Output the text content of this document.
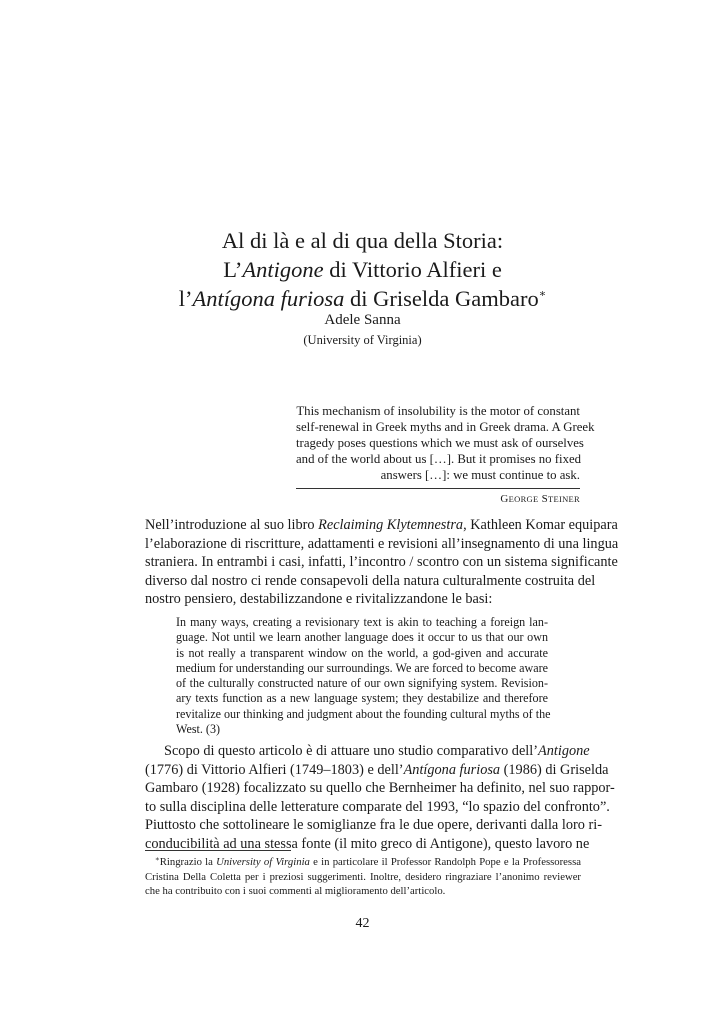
Al di là e al di qua della Storia:
L’Antigone di Vittorio Alfieri e
l’Antígona furiosa di Griselda Gambaro∗
Adele Sanna
(University of Virginia)
This mechanism of insolubility is the motor of constant
self-renewal in Greek myths and in Greek drama. A Greek
tragedy poses questions which we must ask of ourselves
and of the world about us […]. But it promises no fixed
answers […]: we must continue to ask.
GEORGE STEINER
Nell’introduzione al suo libro Reclaiming Klytemnestra, Kathleen Komar equipara
l’elaborazione di riscritture, adattamenti e revisioni all’insegnamento di una lingua
straniera. In entrambi i casi, infatti, l’incontro / scontro con un sistema significante
diverso dal nostro ci rende consapevoli della natura culturalmente costruita del
nostro pensiero, destabilizzandone e rivitalizzandone le basi:
In many ways, creating a revisionary text is akin to teaching a foreign lan-
guage. Not until we learn another language does it occur to us that our own
is not really a transparent window on the world, a god-given and accurate
medium for understanding our surroundings. We are forced to become aware
of the culturally constructed nature of our own signifying system. Revision-
ary texts function as a new language system; they destabilize and therefore
revitalize our thinking and judgment about the founding cultural myths of the
West. (3)
Scopo di questo articolo è di attuare uno studio comparativo dell’Antigone
(1776) di Vittorio Alfieri (1749–1803) e dell’Antígona furiosa (1986) di Griselda
Gambaro (1928) focalizzato su quello che Bernheimer ha definito, nel suo rappor-
to sulla disciplina delle letterature comparate del 1993, “lo spazio del confronto”.
Piuttosto che sottolineare le somiglianze fra le due opere, derivanti dalla loro ri-
conducibilità ad una stessa fonte (il mito greco di Antigone), questo lavoro ne
∗Ringrazio la University of Virginia e in particolare il Professor Randolph Pope e la Professoressa
Cristina Della Coletta per i preziosi suggerimenti. Inoltre, desidero ringraziare l’anonimo reviewer
che ha contribuito con i suoi commenti al miglioramento dell’articolo.
42
